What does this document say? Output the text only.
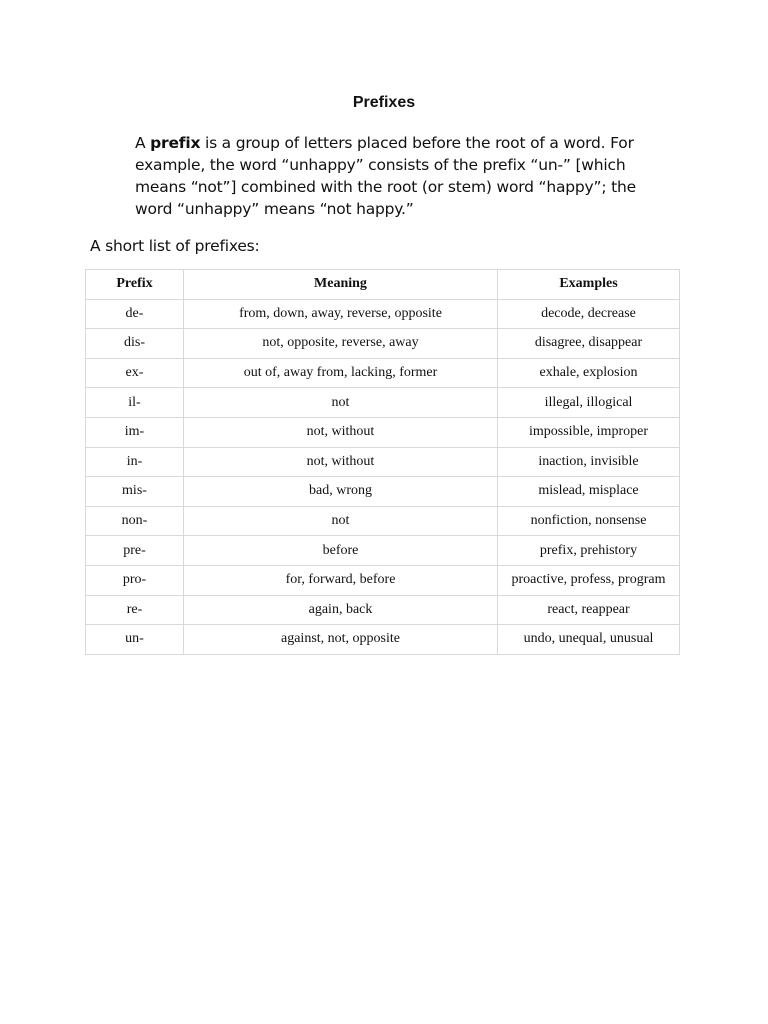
Prefixes

A prefix is a group of letters placed before the root of a word. For example, the word “unhappy” consists of the prefix “un-” [which means “not”] combined with the root (or stem) word “happy”; the word “unhappy” means “not happy.”

A short list of prefixes:
Prefix	Meaning	Examples
de-	from, down, away, reverse, opposite	decode, decrease
dis-	not, opposite, reverse, away	disagree, disappear
ex-	out of, away from, lacking, former	exhale, explosion
il-	not	illegal, illogical
im-	not, without	impossible, improper
in-	not, without	inaction, invisible
mis-	bad, wrong	mislead, misplace
non-	not	nonfiction, nonsense
pre-	before	prefix, prehistory
pro-	for, forward, before	proactive, profess, program
re-	again, back	react, reappear
un-	against, not, opposite	undo, unequal, unusual
